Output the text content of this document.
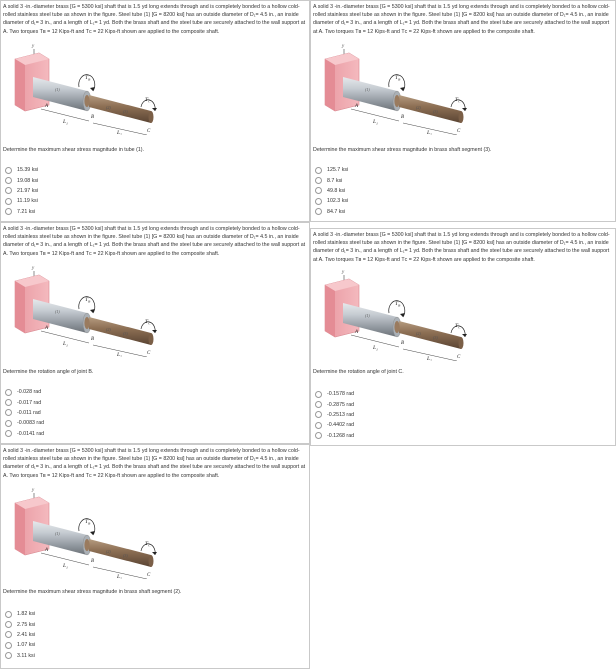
A solid 3 -in.-diameter brass [G = 5300 ksi] shaft that is 1.5 yd long extends through and is completely bonded to a hollow cold-rolled stainless steel tube as shown in the figure. Steel tube (1) [G = 8200 ksi] has an outside diameter of D₁= 4.5 in., an inside diameter of d₁= 3 in., and a length of L₁= 1 yd. Both the brass shaft and the steel tube are securely attached to the wall support at A. Two torques Tʙ = 12 Kips-ft and Tᴄ = 22 Kips-ft shown are applied to the composite shaft.

y
$T_B$
$T_C$
(1)
(2)
(3)
A
B
C
$L_1$
$L_2$

Determine the maximum shear stress magnitude in tube (1).

15.39 ksi
19.08 ksi
21.97 ksi
11.19 ksi
7.21 ksi

A solid 3 -in.-diameter brass [G = 5300 ksi] shaft that is 1.5 yd long extends through and is completely bonded to a hollow cold-rolled stainless steel tube as shown in the figure. Steel tube (1) [G = 8200 ksi] has an outside diameter of D₁= 4.5 in., an inside diameter of d₁= 3 in., and a length of L₁= 1 yd. Both the brass shaft and the steel tube are securely attached to the wall support at A. Two torques Tʙ = 12 Kips-ft and Tᴄ = 22 Kips-ft shown are applied to the composite shaft.

y
$T_B$
$T_C$
(1)
(2)
(3)
A
B
C
$L_1$
$L_2$

Determine the maximum shear stress magnitude in brass shaft segment (3).

125.7 ksi
8.7 ksi
49.8 ksi
102.3 ksi
84.7 ksi

A solid 3 -in.-diameter brass [G = 5300 ksi] shaft that is 1.5 yd long extends through and is completely bonded to a hollow cold-rolled stainless steel tube as shown in the figure. Steel tube (1) [G = 8200 ksi] has an outside diameter of D₁= 4.5 in., an inside diameter of d₁= 3 in., and a length of L₁= 1 yd. Both the brass shaft and the steel tube are securely attached to the wall support at A. Two torques Tʙ = 12 Kips-ft and Tᴄ = 22 Kips-ft shown are applied to the composite shaft.

y
$T_B$
$T_C$
(1)
(2)
(3)
A
B
C
$L_1$
$L_2$

Determine the rotation angle of joint B.

-0.028 rad
-0.017 rad
-0.011 rad
-0.0083 rad
-0.0141 rad

A solid 3 -in.-diameter brass [G = 5300 ksi] shaft that is 1.5 yd long extends through and is completely bonded to a hollow cold-rolled stainless steel tube as shown in the figure. Steel tube (1) [G = 8200 ksi] has an outside diameter of D₁= 4.5 in., an inside diameter of d₁= 3 in., and a length of L₁= 1 yd. Both the brass shaft and the steel tube are securely attached to the wall support at A. Two torques Tʙ = 12 Kips-ft and Tᴄ = 22 Kips-ft shown are applied to the composite shaft.

y
$T_B$
$T_C$
(1)
(2)
(3)
A
B
C
$L_1$
$L_2$

Determine the rotation angle of joint C.

-0.1578 rad
-0.2875 rad
-0.2513 rad
-0.4402 rad
-0.1268 rad

A solid 3 -in.-diameter brass [G = 5300 ksi] shaft that is 1.5 yd long extends through and is completely bonded to a hollow cold-rolled stainless steel tube as shown in the figure. Steel tube (1) [G = 8200 ksi] has an outside diameter of D₁= 4.5 in., an inside diameter of d₁= 3 in., and a length of L₁= 1 yd. Both the brass shaft and the steel tube are securely attached to the wall support at A. Two torques Tʙ = 12 Kips-ft and Tᴄ = 22 Kips-ft shown are applied to the composite shaft.

y
$T_B$
$T_C$
(1)
(2)
(3)
A
B
C
$L_1$
$L_2$

Determine the maximum shear stress magnitude in brass shaft segment (2).

1.82 ksi
2.75 ksi
2.41 ksi
1.07 ksi
3.11 ksi
